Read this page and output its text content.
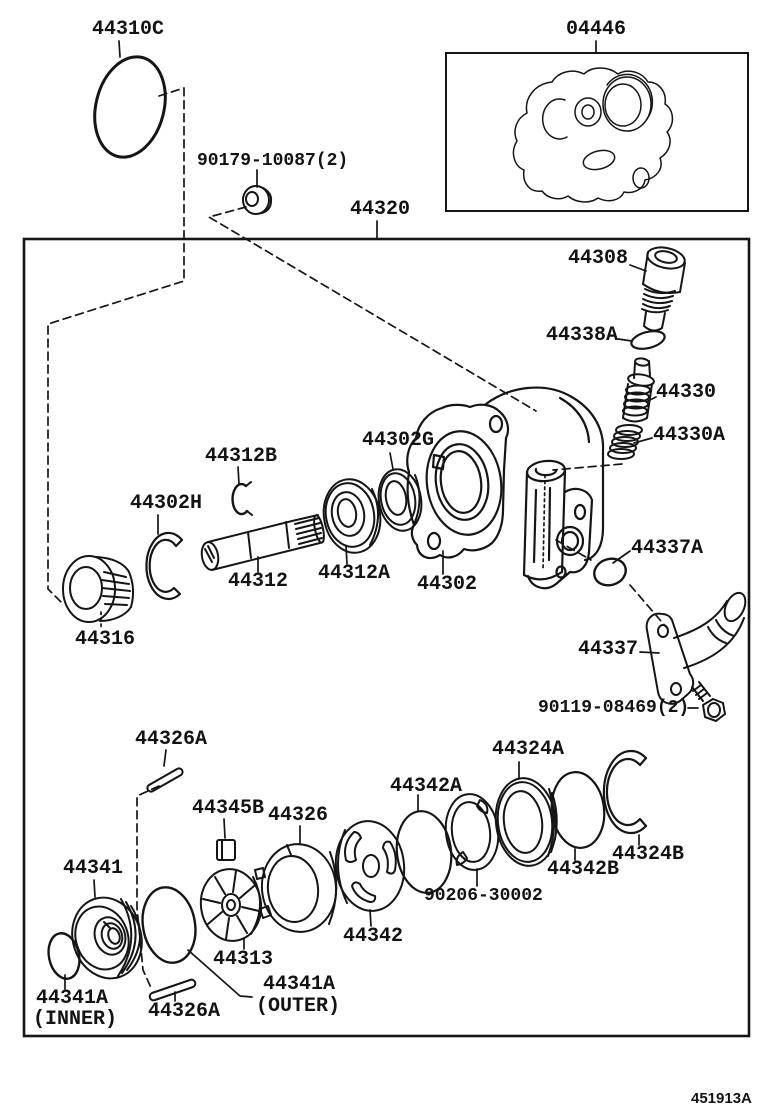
44310C	04446
90179-10087(2)
44320
44308
44338A
44330
44330A
44302G
44312B
44302H
44312 44312A 44302
44337A
44316	44337
90119-08469(2)
44326A
44345B 44326
44341
44313
44341A
(OUTER)
44341A
(INNER) 44326A
44342
44342A
90206-30002
44324A
44342B
44324B
451913A
